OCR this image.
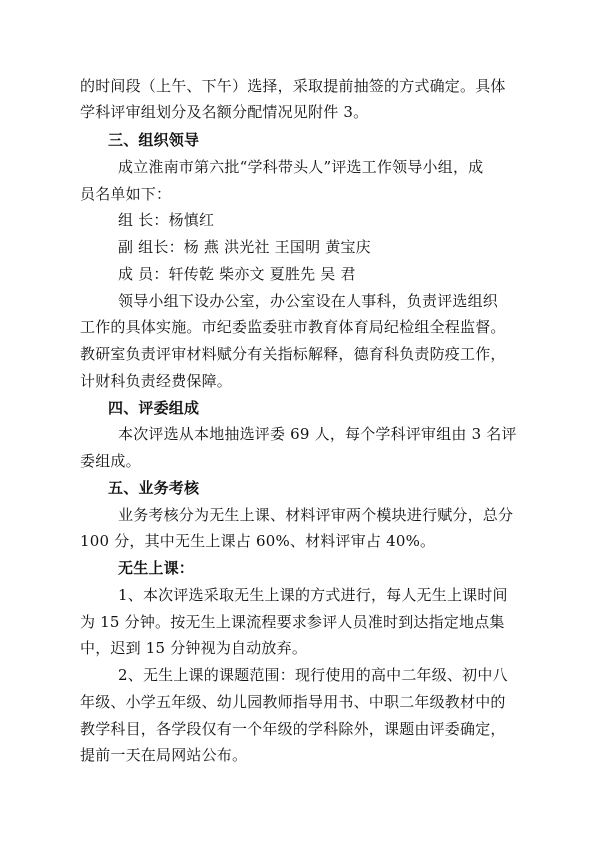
的时间段（上午、下午）选择，采取提前抽签的方式确定。具体
学科评审组划分及名额分配情况见附件 3。
三、组织领导
成立淮南市第六批“学科带头人”评选工作领导小组，成
员名单如下：
组 长：杨慎红
副 组长：杨 燕 洪光社 王国明 黄宝庆
成 员：轩传乾 柴亦文 夏胜先 吴 君
领导小组下设办公室，办公室设在人事科，负责评选组织
工作的具体实施。市纪委监委驻市教育体育局纪检组全程监督。
教研室负责评审材料赋分有关指标解释，德育科负责防疫工作，
计财科负责经费保障。
四、评委组成
本次评选从本地抽选评委 69 人，每个学科评审组由 3 名评
委组成。
五、业务考核
业务考核分为无生上课、材料评审两个模块进行赋分，总分
100 分，其中无生上课占 60%、材料评审占 40%。
无生上课：
1、本次评选采取无生上课的方式进行，每人无生上课时间
为 15 分钟。按无生上课流程要求参评人员准时到达指定地点集
中，迟到 15 分钟视为自动放弃。
2、无生上课的课题范围：现行使用的高中二年级、初中八
年级、小学五年级、幼儿园教师指导用书、中职二年级教材中的
教学科目，各学段仅有一个年级的学科除外，课题由评委确定，
提前一天在局网站公布。
